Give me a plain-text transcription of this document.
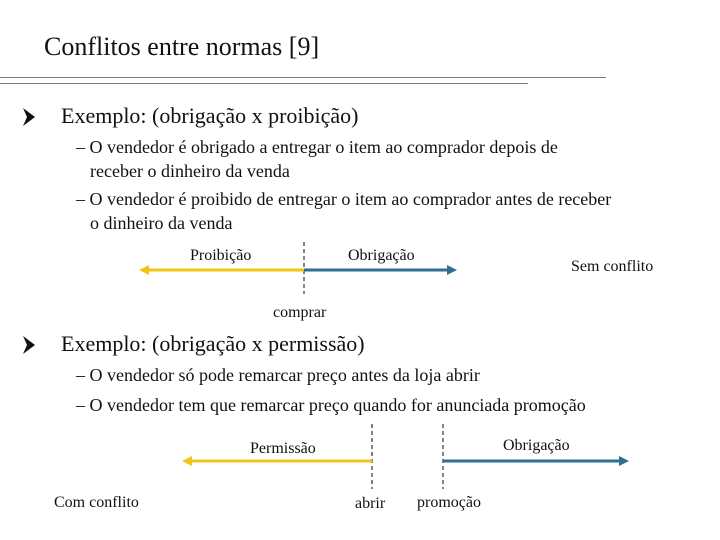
Conflitos entre normas [9]
Exemplo: (obrigação x proibição)
– O vendedor é obrigado a entregar o item ao comprador depois de
receber o dinheiro da venda
– O vendedor é proibido de entregar o item ao comprador antes de receber
o dinheiro da venda
Proibição	Obrigação
Sem conflito
comprar
Exemplo: (obrigação x permissão)
– O vendedor só pode remarcar preço antes da loja abrir
– O vendedor tem que remarcar preço quando for anunciada promoção
Permissão	Obrigação
Com conflito	abrir promoção
